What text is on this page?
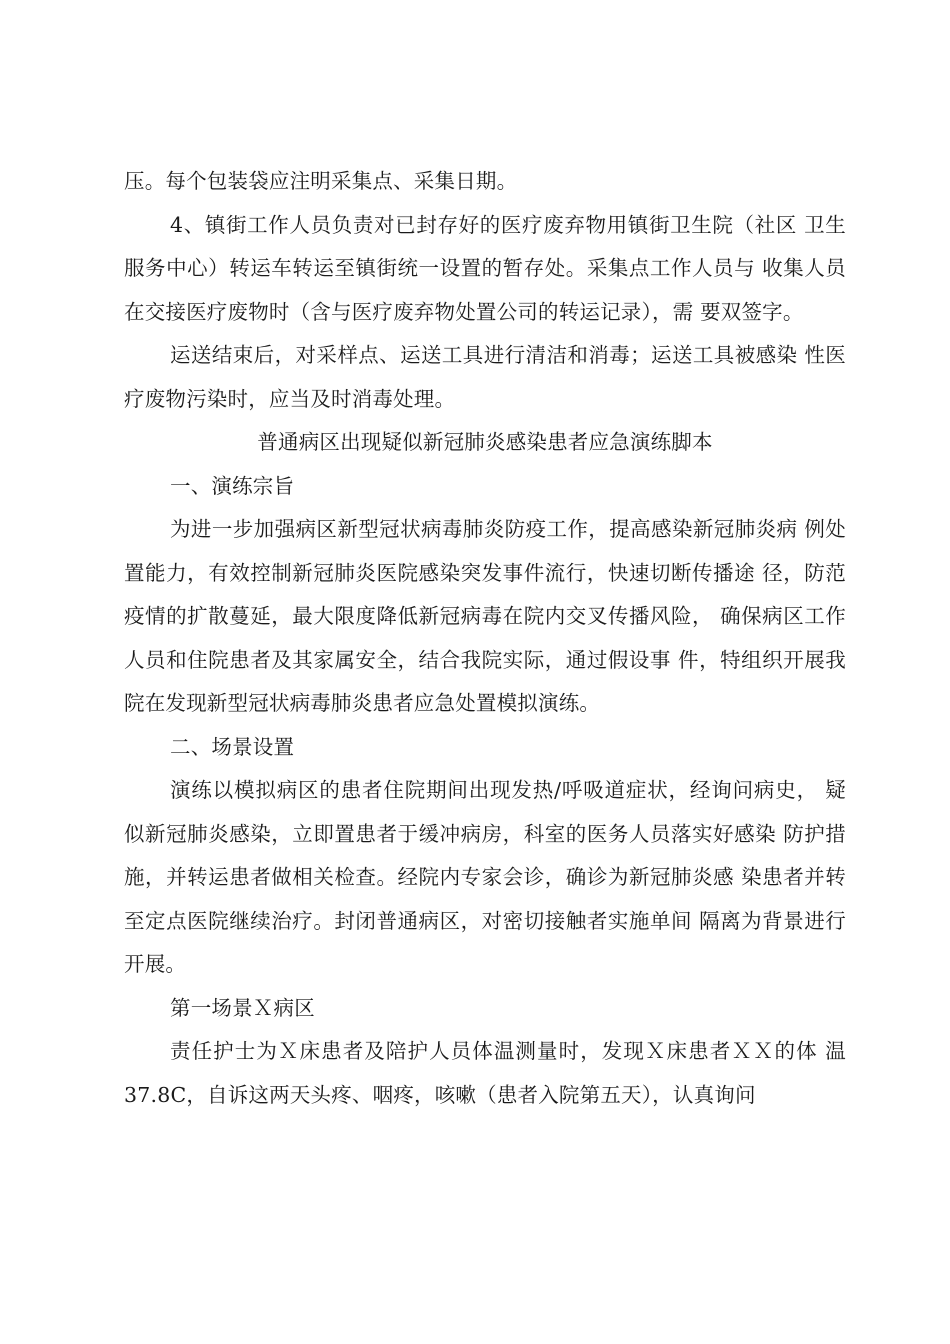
压。每个包装袋应注明采集点、采集日期。

4、镇街工作人员负责对已封存好的医疗废弃物用镇街卫生院（社区 卫生服务中心）转运车转运至镇街统一设置的暂存处。采集点工作人员与 收集人员在交接医疗废物时（含与医疗废弃物处置公司的转运记录），需 要双签字。

运送结束后，对采样点、运送工具进行清洁和消毒；运送工具被感染 性医疗废物污染时，应当及时消毒处理。

普通病区出现疑似新冠肺炎感染患者应急演练脚本

一、演练宗旨

为进一步加强病区新型冠状病毒肺炎防疫工作，提高感染新冠肺炎病 例处置能力，有效控制新冠肺炎医院感染突发事件流行，快速切断传播途 径，防范疫情的扩散蔓延，最大限度降低新冠病毒在院内交叉传播风险， 确保病区工作人员和住院患者及其家属安全，结合我院实际，通过假设事 件，特组织开展我院在发现新型冠状病毒肺炎患者应急处置模拟演练。

二、场景设置

演练以模拟病区的患者住院期间出现发热/呼吸道症状，经询问病史， 疑似新冠肺炎感染，立即置患者于缓冲病房，科室的医务人员落实好感染 防护措施，并转运患者做相关检查。经院内专家会诊，确诊为新冠肺炎感 染患者并转至定点医院继续治疗。封闭普通病区，对密切接触者实施单间 隔离为背景进行开展。

第一场景Ｘ病区

责任护士为Ｘ床患者及陪护人员体温测量时，发现Ｘ床患者ＸＸ的体 温37.8C，自诉这两天头疼、咽疼，咳嗽（患者入院第五天），认真询问
